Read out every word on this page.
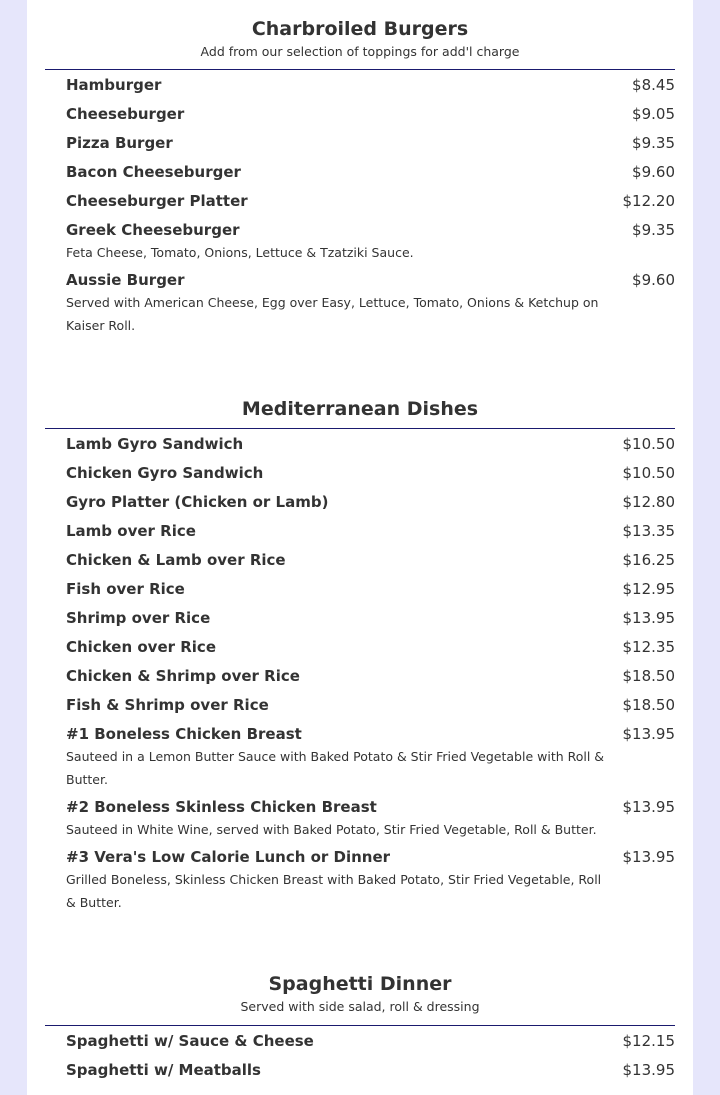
Charbroiled Burgers
Add from our selection of toppings for add'l charge
Hamburger	$8.45
Cheeseburger	$9.05
Pizza Burger	$9.35
Bacon Cheeseburger	$9.60
Cheeseburger Platter	$12.20
Greek Cheeseburger	$9.35
Feta Cheese, Tomato, Onions, Lettuce & Tzatziki Sauce.
Aussie Burger	$9.60
Served with American Cheese, Egg over Easy, Lettuce, Tomato, Onions & Ketchup on Kaiser Roll.
Mediterranean Dishes
Lamb Gyro Sandwich	$10.50
Chicken Gyro Sandwich	$10.50
Gyro Platter (Chicken or Lamb)	$12.80
Lamb over Rice	$13.35
Chicken & Lamb over Rice	$16.25
Fish over Rice	$12.95
Shrimp over Rice	$13.95
Chicken over Rice	$12.35
Chicken & Shrimp over Rice	$18.50
Fish & Shrimp over Rice	$18.50
#1 Boneless Chicken Breast	$13.95
Sauteed in a Lemon Butter Sauce with Baked Potato & Stir Fried Vegetable with Roll & Butter.
#2 Boneless Skinless Chicken Breast	$13.95
Sauteed in White Wine, served with Baked Potato, Stir Fried Vegetable, Roll & Butter.
#3 Vera's Low Calorie Lunch or Dinner	$13.95
Grilled Boneless, Skinless Chicken Breast with Baked Potato, Stir Fried Vegetable, Roll & Butter.
Spaghetti Dinner
Served with side salad, roll & dressing
Spaghetti w/ Sauce & Cheese	$12.15
Spaghetti w/ Meatballs	$13.95
